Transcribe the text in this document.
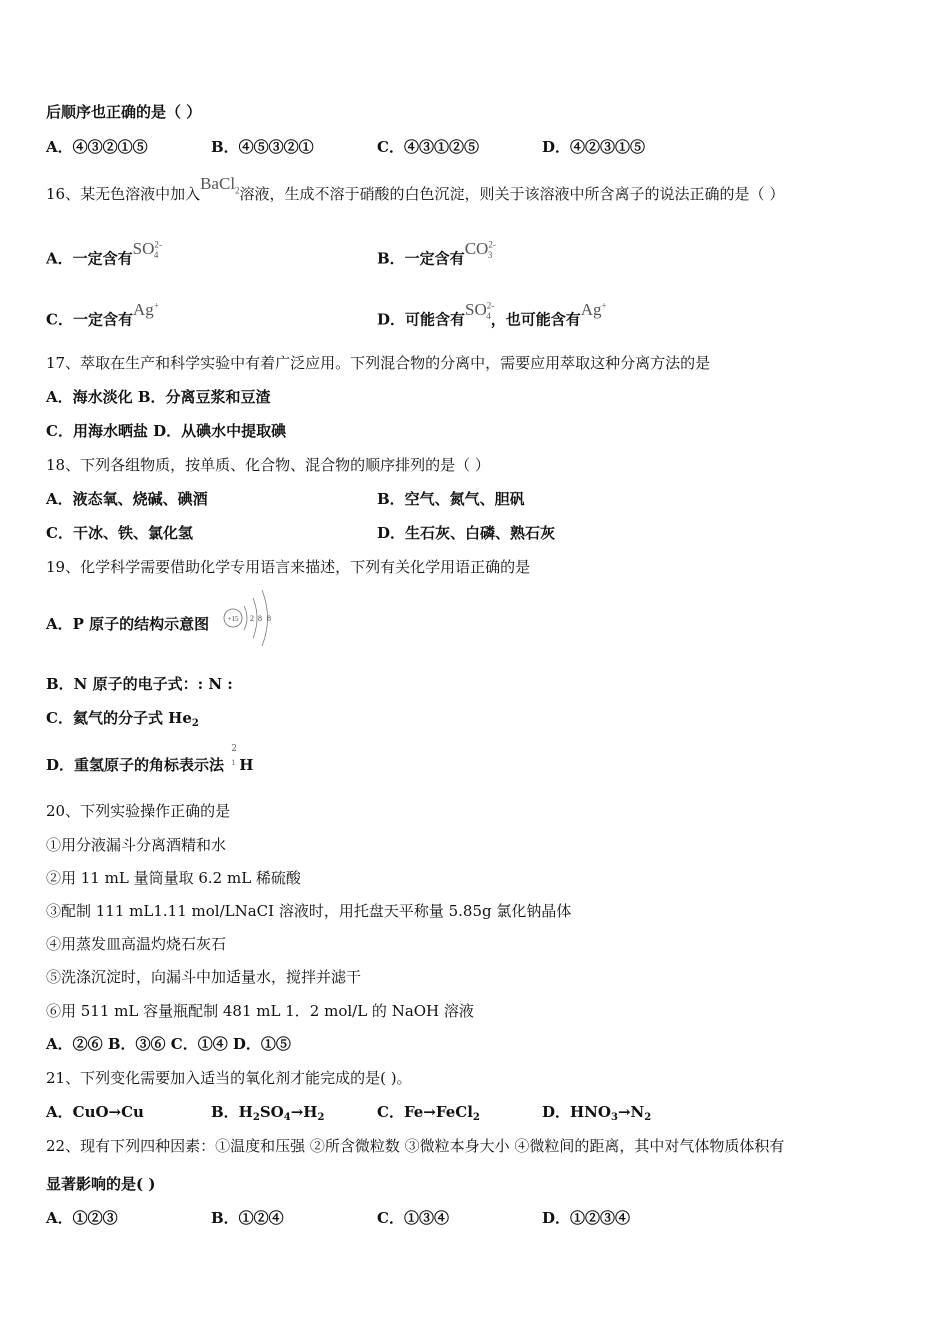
后顺序也正确的是（ ）
A．④③②①⑤	B．④⑤③②①	C．④③①②⑤	D．④②③①⑤
16、某无色溶液中加入BaCl$_2$溶液，生成不溶于硝酸的白色沉淀，则关于该溶液中所含离子的说法正确的是（ ）
A．一定含有$SO^{2-}_4$	B．一定含有$CO^{2-}_3$
C．一定含有Ag+
D．可能含有$SO^{2-}_4$，也可能含有Ag+
17、萃取在生产和科学实验中有着广泛应用。下列混合物的分离中，需要应用萃取这种分离方法的是
A．海水淡化 B．分离豆浆和豆渣
C．用海水晒盐 D．从碘水中提取碘
18、下列各组物质，按单质、化合物、混合物的顺序排列的是（ ）
A．液态氧、烧碱、碘酒	B．空气、氮气、胆矾
C．干冰、铁、氯化氢	D．生石灰、白磷、熟石灰
19、化学科学需要借助化学专用语言来描述，下列有关化学用语正确的是
A．P 原子的结构示意图	+15 2 8 8
B．N 原子的电子式：: N :
C．氦气的分子式 $He_2$
D．重氢原子的角标表示法
2
1 H
20、下列实验操作正确的是
①用分液漏斗分离酒精和水
②用 11 mL 量筒量取 6.2 mL 稀硫酸
③配制 111 mL1.11 mol/LNaCI 溶液时，用托盘天平称量 5.85g 氯化钠晶体
④用蒸发皿高温灼烧石灰石
⑤洗涤沉淀时，向漏斗中加适量水，搅拌并滤干
⑥用 511 mL 容量瓶配制 481 mL 1．2 mol/L 的 NaOH 溶液
A．②⑥ B．③⑥ C．①④ D．①⑤
21、下列变化需要加入适当的氧化剂才能完成的是( )。
A．CuO→Cu	B．$H_2SO_4\to H_2$	C．Fe→FeCl$_2$	D．$HNO_3\to N_2$
22、现有下列四种因素：①温度和压强 ②所含微粒数 ③微粒本身大小 ④微粒间的距离，其中对气体物质体积有
显著影响的是( )
A．①②③	B．①②④	C．①③④	D．①②③④
